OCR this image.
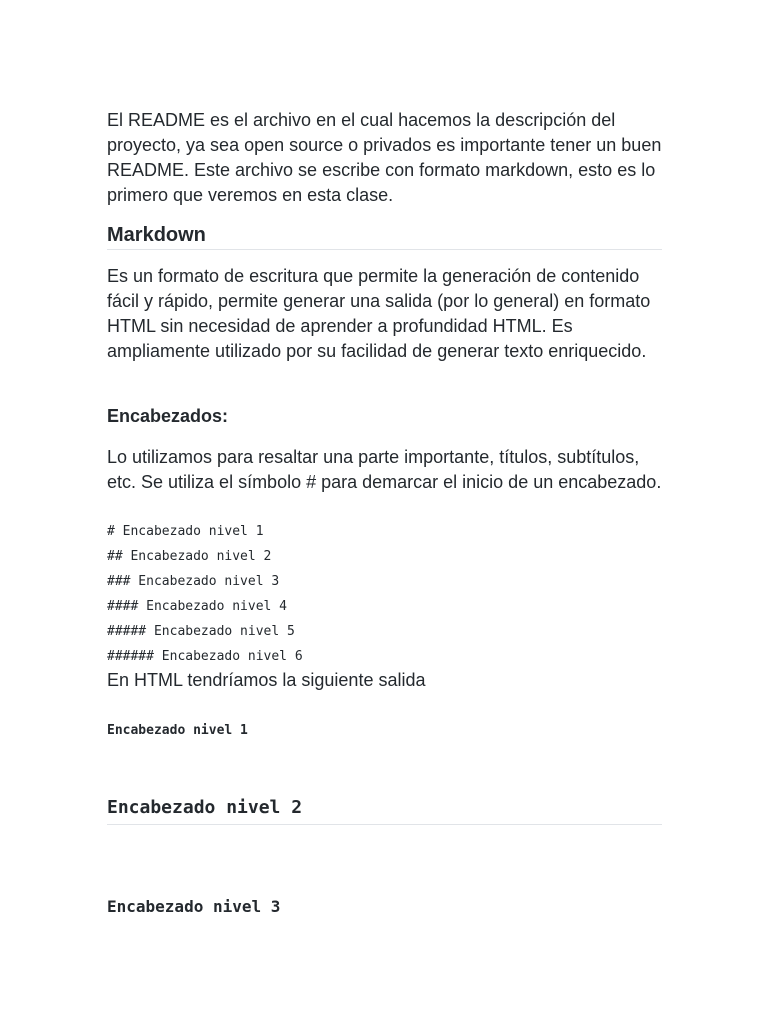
El README es el archivo en el cual hacemos la descripción del proyecto, ya sea open source o privados es importante tener un buen README. Este archivo se escribe con formato markdown, esto es lo primero que veremos en esta clase.

Markdown

Es un formato de escritura que permite la generación de contenido fácil y rápido, permite generar una salida (por lo general) en formato HTML sin necesidad de aprender a profundidad HTML. Es ampliamente utilizado por su facilidad de generar texto enriquecido.

Encabezados:

Lo utilizamos para resaltar una parte importante, títulos, subtítulos, etc. Se utiliza el símbolo # para demarcar el inicio de un encabezado.

# Encabezado nivel 1
## Encabezado nivel 2
### Encabezado nivel 3
#### Encabezado nivel 4
##### Encabezado nivel 5
###### Encabezado nivel 6

En HTML tendríamos la siguiente salida

Encabezado nivel 1
Encabezado nivel 2
Encabezado nivel 3
